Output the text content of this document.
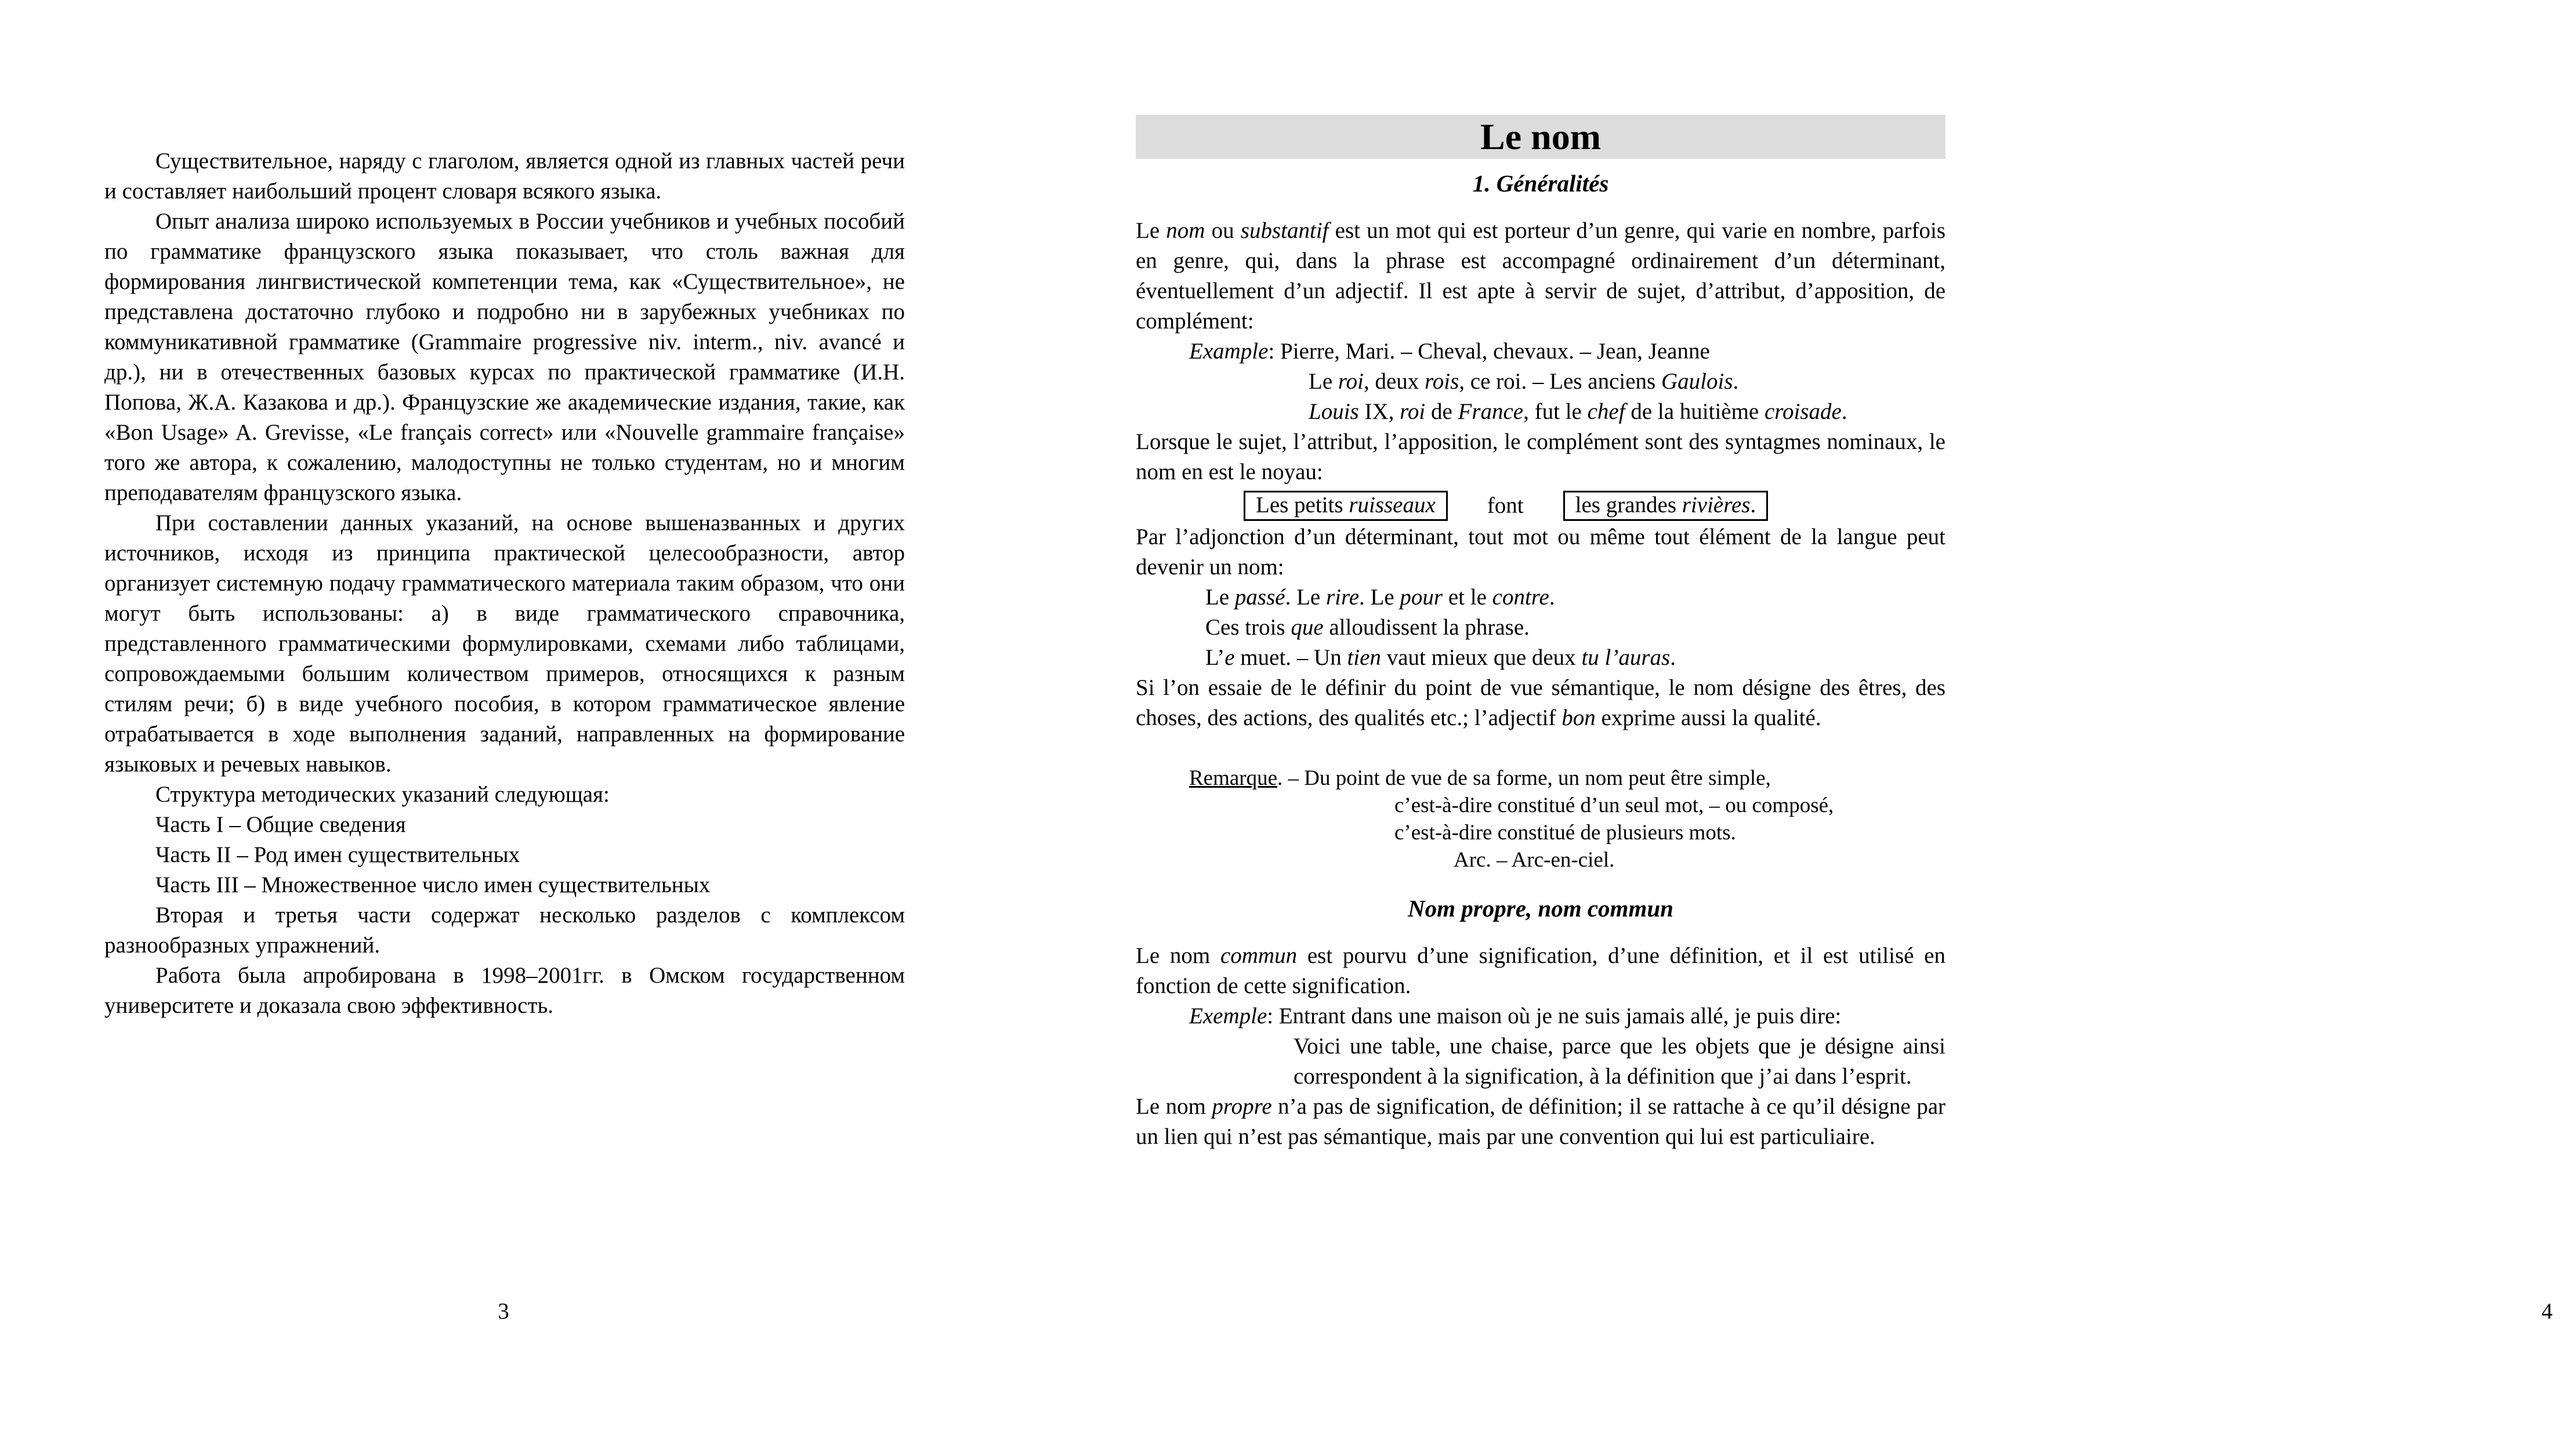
Существительное, наряду с глаголом, является одной из главных частей речи и составляет наибольший процент словаря всякого языка.

Опыт анализа широко используемых в России учебников и учебных пособий по грамматике французского языка показывает, что столь важная для формирования лингвистической компетенции тема, как «Существительное», не представлена достаточно глубоко и подробно ни в зарубежных учебниках по коммуникативной грамматике (Grammaire progressive niv. interm., niv. avancé и др.), ни в отечественных базовых курсах по практической грамматике (И.Н. Попова, Ж.А. Казакова и др.). Французские же академические издания, такие, как «Bon Usage» A. Grevisse, «Le français correct» или «Nouvelle grammaire française» того же автора, к сожалению, малодоступны не только студентам, но и многим преподавателям французского языка.

При составлении данных указаний, на основе вышеназванных и других источников, исходя из принципа практической целесообразности, автор организует системную подачу грамматического материала таким образом, что они могут быть использованы: а) в виде грамматического справочника, представленного грамматическими формулировками, схемами либо таблицами, сопровождаемыми большим количеством примеров, относящихся к разным стилям речи; б) в виде учебного пособия, в котором грамматическое явление отрабатывается в ходе выполнения заданий, направленных на формирование языковых и речевых навыков.

Структура методических указаний следующая:

Часть I – Общие сведения

Часть II – Род имен существительных

Часть III – Множественное число имен существительных

Вторая и третья части содержат несколько разделов с комплексом разнообразных упражнений.

Работа была апробирована в 1998–2001гг. в Омском государственном университете и доказала свою эффективность.

3
Le nom
1. Généralités

Le nom ou substantif est un mot qui est porteur d’un genre, qui varie en nombre, parfois en genre, qui, dans la phrase est accompagné ordinairement d’un déterminant, éventuellement d’un adjectif. Il est apte à servir de sujet, d’attribut, d’apposition, de complément:

Example: Pierre, Mari. – Cheval, chevaux. – Jean, Jeanne
Le roi, deux rois, ce roi. – Les anciens Gaulois.
Louis IX, roi de France, fut le chef de la huitième croisade.

Lorsque le sujet, l’attribut, l’apposition, le complément sont des syntagmes nominaux, le nom en est le noyau:

Les petits ruisseaux	font	les grandes rivières.

Par l’adjonction d’un déterminant, tout mot ou même tout élément de la langue peut devenir un nom:

Le passé. Le rire. Le pour et le contre.
Ces trois que alloudissent la phrase.
L’e muet. – Un tien vaut mieux que deux tu l’auras.

Si l’on essaie de le définir du point de vue sémantique, le nom désigne des êtres, des choses, des actions, des qualités etc.; l’adjectif bon exprime aussi la qualité.

Remarque. – Du point de vue de sa forme, un nom peut être simple,
c’est-à-dire constitué d’un seul mot, – ou composé,
c’est-à-dire constitué de plusieurs mots.
Arc. – Arc-en-ciel.
Nom propre, nom commun

Le nom commun est pourvu d’une signification, d’une définition, et il est utilisé en fonction de cette signification.

Exemple: Entrant dans une maison où je ne suis jamais allé, je puis dire:
Voici une table, une chaise, parce que les objets que je désigne ainsi correspondent à la signification, à la définition que j’ai dans l’esprit.

Le nom propre n’a pas de signification, de définition; il se rattache à ce qu’il désigne par un lien qui n’est pas sémantique, mais par une convention qui lui est particuliaire.

4
